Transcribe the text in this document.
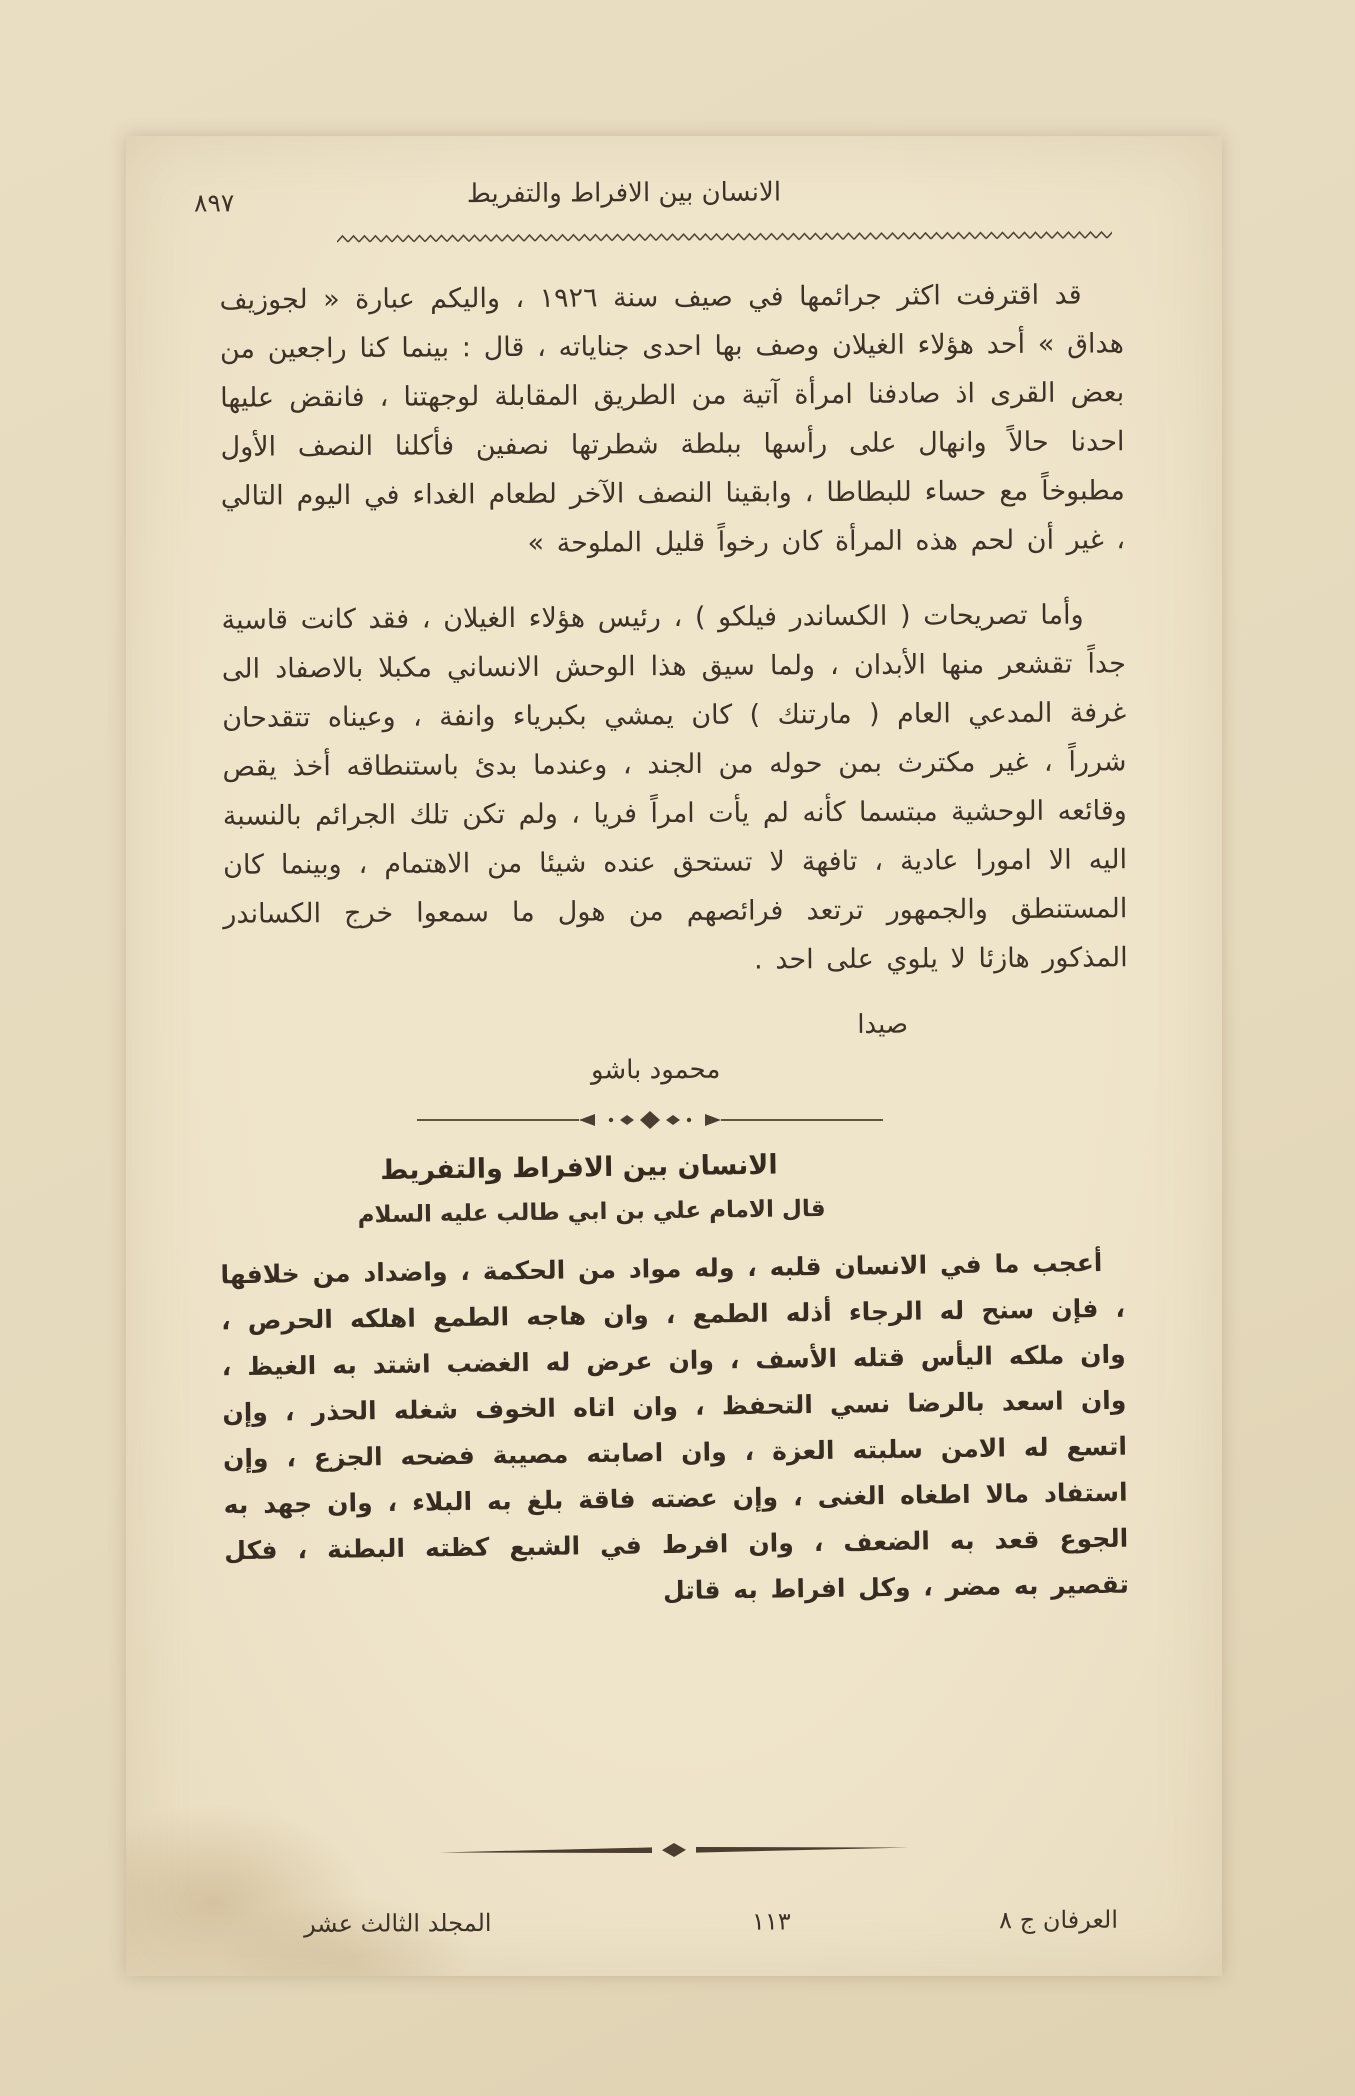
٨٩٧	الانسان بين الافراط والتفريط

قد اقترفت اكثر جرائمها في صيف سنة ١٩٢٦ ، واليكم عبارة « لجوزيف هداق » أحد هؤلاء الغيلان وصف بها احدى جناياته ، قال : بينما كنا راجعين من بعض القرى اذ صادفنا امرأة آتية من الطريق المقابلة لوجهتنا ، فانقض عليها احدنا حالاً وانهال على رأسها ببلطة شطرتها نصفين فأكلنا النصف الأول مطبوخاً مع حساء للبطاطا ، وابقينا النصف الآخر لطعام الغداء في اليوم التالي ، غير أن لحم هذه المرأة كان رخواً قليل الملوحة »

وأما تصريحات ( الكساندر فيلكو ) ، رئيس هؤلاء الغيلان ، فقد كانت قاسية جداً تقشعر منها الأبدان ، ولما سيق هذا الوحش الانساني مكبلا بالاصفاد الى غرفة المدعي العام ( مارتنك ) كان يمشي بكبرياء وانفة ، وعيناه تتقدحان شرراً ، غير مكترث بمن حوله من الجند ، وعندما بدئ باستنطاقه أخذ يقص وقائعه الوحشية مبتسما كأنه لم يأت امراً فريا ، ولم تكن تلك الجرائم بالنسبة اليه الا امورا عادية ، تافهة لا تستحق عنده شيئا من الاهتمام ، وبينما كان المستنطق والجمهور ترتعد فرائصهم من هول ما سمعوا خرج الكساندر المذكور هازئا لا يلوي على احد .

صيدا
محمود باشو
الانسان بين الافراط والتفريط
قال الامام علي بن ابي طالب عليه السلام

أعجب ما في الانسان قلبه ، وله مواد من الحكمة ، واضداد من خلافها ، فإن سنح له الرجاء أذله الطمع ، وان هاجه الطمع اهلكه الحرص ، وان ملكه اليأس قتله الأسف ، وان عرض له الغضب اشتد به الغيظ ، وان اسعد بالرضا نسي التحفظ ، وان اتاه الخوف شغله الحذر ، وإن اتسع له الامن سلبته العزة ، وان اصابته مصيبة فضحه الجزع ، وإن استفاد مالا اطغاه الغنى ، وإن عضته فاقة بلغ به البلاء ، وان جهد به الجوع قعد به الضعف ، وان افرط في الشبع كظته البطنة ، فكل تقصير به مضر ، وكل افراط به قاتل

العرفان ج ٨
١١٣
المجلد الثالث عشر
